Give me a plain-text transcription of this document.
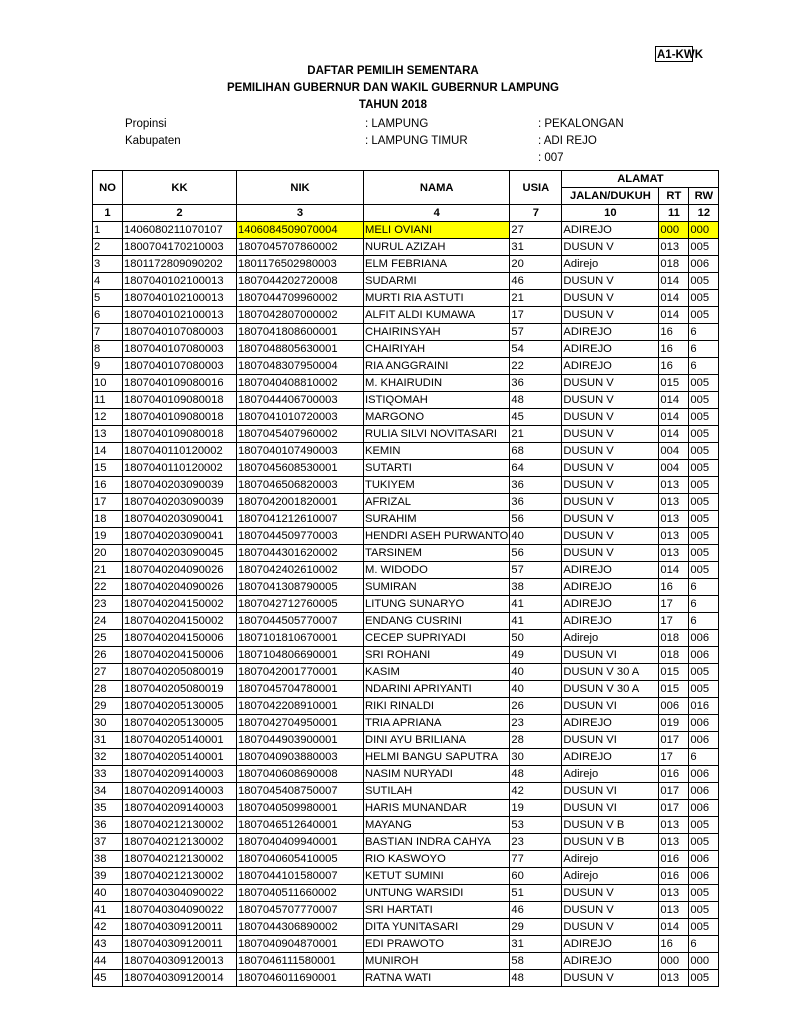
A1-KWK
DAFTAR PEMILIH SEMENTARA
PEMILIHAN GUBERNUR DAN WAKIL GUBERNUR LAMPUNG
TAHUN 2018
Propinsi	: LAMPUNG	: PEKALONGAN
Kabupaten	: LAMPUNG TIMUR	: ADI REJO
: 007
NO	KK	NIK	NAMA	USIA	ALAMAT		
					JALAN/DUKUH	RT	RW
1	2	3	4	7	10	11	12
1	1406080211070107	1406084509070004	MELI OVIANI	27	ADIREJO	000	000
2	1800704170210003	1807045707860002	NURUL AZIZAH	31	DUSUN V	013	005
3	1801172809090202	1801176502980003	ELM FEBRIANA	20	Adirejo	018	006
4	1807040102100013	1807044202720008	SUDARMI	46	DUSUN V	014	005
5	1807040102100013	1807044709960002	MURTI RIA ASTUTI	21	DUSUN V	014	005
6	1807040102100013	1807042807000002	ALFIT ALDI KUMAWA	17	DUSUN V	014	005
7	1807040107080003	1807041808600001	CHAIRINSYAH	57	ADIREJO	16	6
8	1807040107080003	1807048805630001	CHAIRIYAH	54	ADIREJO	16	6
9	1807040107080003	1807048307950004	RIA ANGGRAINI	22	ADIREJO	16	6
10	1807040109080016	1807040408810002	M. KHAIRUDIN	36	DUSUN V	015	005
11	1807040109080018	1807044406700003	ISTIQOMAH	48	DUSUN V	014	005
12	1807040109080018	1807041010720003	MARGONO	45	DUSUN V	014	005
13	1807040109080018	1807045407960002	RULIA SILVI NOVITASARI	21	DUSUN V	014	005
14	1807040110120002	1807040107490003	KEMIN	68	DUSUN V	004	005
15	1807040110120002	1807045608530001	SUTARTI	64	DUSUN V	004	005
16	1807040203090039	1807046506820003	TUKIYEM	36	DUSUN V	013	005
17	1807040203090039	1807042001820001	AFRIZAL	36	DUSUN V	013	005
18	1807040203090041	1807041212610007	SURAHIM	56	DUSUN V	013	005
19	1807040203090041	1807044509770003	HENDRI ASEH PURWANTO	40	DUSUN V	013	005
20	1807040203090045	1807044301620002	TARSINEM	56	DUSUN V	013	005
21	1807040204090026	1807042402610002	M. WIDODO	57	ADIREJO	014	005
22	1807040204090026	1807041308790005	SUMIRAN	38	ADIREJO	16	6
23	1807040204150002	1807042712760005	LITUNG SUNARYO	41	ADIREJO	17	6
24	1807040204150002	1807044505770007	ENDANG CUSRINI	41	ADIREJO	17	6
25	1807040204150006	1807101810670001	CECEP SUPRIYADI	50	Adirejo	018	006
26	1807040204150006	1807104806690001	SRI ROHANI	49	DUSUN VI	018	006
27	1807040205080019	1807042001770001	KASIM	40	DUSUN V 30 A	015	005
28	1807040205080019	1807045704780001	NDARINI APRIYANTI	40	DUSUN V 30 A	015	005
29	1807040205130005	1807042208910001	RIKI RINALDI	26	DUSUN VI	006	016
30	1807040205130005	1807042704950001	TRIA APRIANA	23	ADIREJO	019	006
31	1807040205140001	1807044903900001	DINI AYU BRILIANA	28	DUSUN VI	017	006
32	1807040205140001	1807040903880003	HELMI BANGU SAPUTRA	30	ADIREJO	17	6
33	1807040209140003	1807040608690008	NASIM NURYADI	48	Adirejo	016	006
34	1807040209140003	1807045408750007	SUTILAH	42	DUSUN VI	017	006
35	1807040209140003	1807040509980001	HARIS MUNANDAR	19	DUSUN VI	017	006
36	1807040212130002	1807046512640001	MAYANG	53	DUSUN V B	013	005
37	1807040212130002	1807040409940001	BASTIAN INDRA CAHYA	23	DUSUN V B	013	005
38	1807040212130002	1807040605410005	RIO KASWOYO	77	Adirejo	016	006
39	1807040212130002	1807044101580007	KETUT SUMINI	60	Adirejo	016	006
40	1807040304090022	1807040511660002	UNTUNG WARSIDI	51	DUSUN V	013	005
41	1807040304090022	1807045707770007	SRI HARTATI	46	DUSUN V	013	005
42	1807040309120011	1807044306890002	DITA YUNITASARI	29	DUSUN V	014	005
43	1807040309120011	1807040904870001	EDI PRAWOTO	31	ADIREJO	16	6
44	1807040309120013	1807046111580001	MUNIROH	58	ADIREJO	000	000
45	1807040309120014	1807046011690001	RATNA WATI	48	DUSUN V	013	005
